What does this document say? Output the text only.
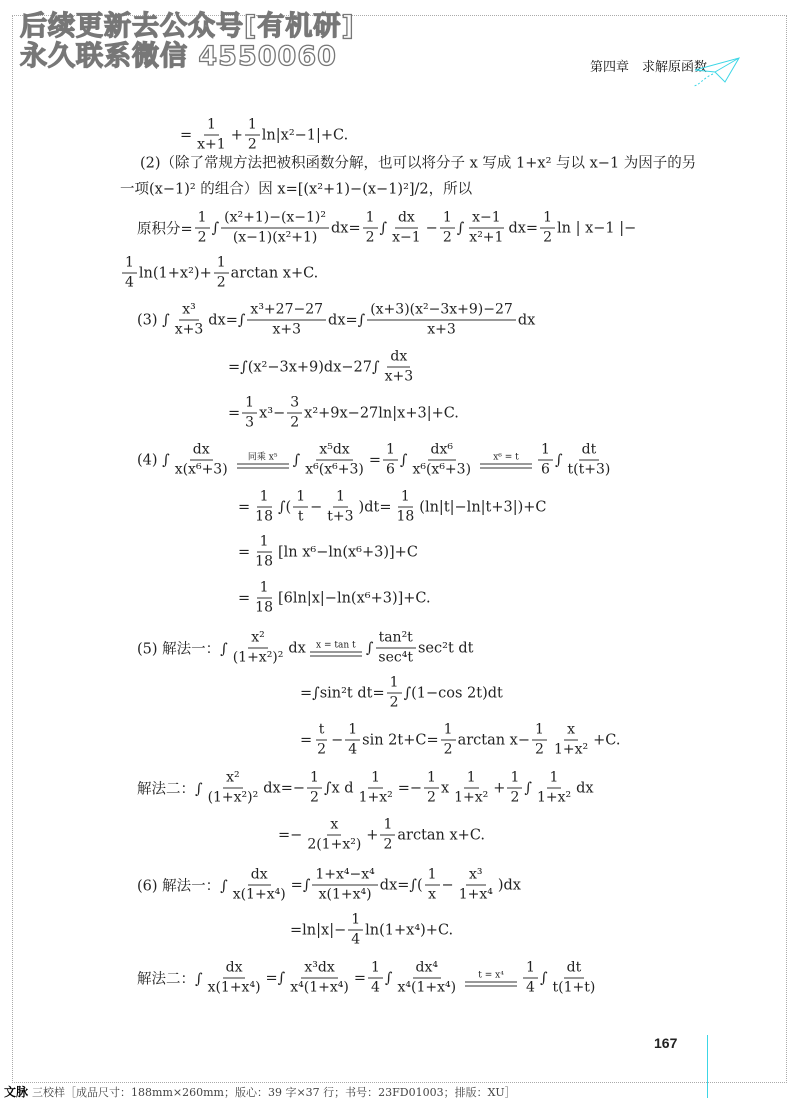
后续更新去公众号[有机研]
永久联系微信 4550060	第四章　求解原函数
= $\frac{1}{x+1} + \frac{1}{2} \ln|x^2-1|+C$.
(2)（除了常规方法把被积函数分解，也可以将分子 x 写成 1+x² 与以 x−1 为因子的另
一项(x−1)² 的组合）因 x=[(x²+1)−(x−1)²]/2，所以
原积分= $\frac{1}{2}$ ∫ $\frac{\text{(x²+1)−(x−1)²}}{\text{(x−1)(x²+1)}} dx= \frac{1}{2}$ ∫ $\frac{dx}{x-1} - \frac{1}{2}$ ∫ $\frac{x-1}{\text{x²+1}} dx= \frac{1}{2}$ ln | x−1 |−
$\frac{1}{4} \ln(1+x^2)+ \frac{1}{2}$ arctan x+C.
(3) ∫ $\frac{\text{x³}}{x+3} dx=\int \frac{\text{x³+27−27}}{x+3} dx=\int \frac{\text{(x+3)(x²−3x+9)−27}}{x+3}$ dx
$=\int(x^2-3x+9)dx-27\int \frac{dx}{x+3}$
= $\frac{1}{3} x^3- \frac{3}{2} x^2+9x-27\ln|x+3|+C$.
(4) ∫ $\frac{dx}{\text{x(x⁶+3)}}$ 同乘 x⁵ ∫ $\frac{\text{x⁵dx}}{\text{x⁶(x⁶+3)}} = \frac{1}{6}$ ∫ $\frac{\text{dx⁶}}{\text{x⁶(x⁶+3)}} x^6 = t \frac{1}{6}$ ∫ $\frac{dt}{t(t+3)}$
= $\frac{1}{18}$ ∫( $\frac{1}{t} - \frac{1}{t+3} )dt= \frac{1}{18} (\ln|t|-\ln|t+3|)+C$
= $\frac{1}{18} [\ln$ x⁶−ln(x⁶+3)]+C
= $\frac{1}{18} [6\ln|x|-\ln(x^6+3)]+C$.
(5) 解法一：∫ $\frac{\text{x²}}{\text{(1+x²)²}}$ dx x = tan t ∫ $\frac{\text{tan²t}}{\text{sec⁴t}} \sec^2t$ dt
=∫sin²t $dt= \frac{1}{2} \int(1-\cos$ 2t)dt
= $\frac{t}{2} - \frac{1}{4}$ $\sin 2t+C= \frac{1}{2}$ $\arctan x- \frac{1}{2} \frac{x}{\text{1+x²}} +C$.
解法二：∫ $\frac{\text{x²}}{\text{(1+x²)²}} dx=- \frac{1}{2} \int x$ d $\frac{1}{\text{1+x²}} =- \frac{1}{2}$ x $\frac{1}{\text{1+x²}} + \frac{1}{2}$ ∫ $\frac{1}{\text{1+x²}}$ dx
=− $\frac{x}{\text{2(1+x²)}} + \frac{1}{2}$ arctan x+C.
(6) 解法一：∫ $\frac{dx}{\text{x(1+x⁴)}}$ =∫ $\frac{\text{1+x⁴−x⁴}}{\text{x(1+x⁴)}} dx=\int( \frac{1}{x} - \frac{\text{x³}}{\text{1+x⁴}} )dx$
$=\ln|x|- \frac{1}{4} \ln(1+x^4)+C$.
解法二：∫ $\frac{dx}{\text{x(1+x⁴)}}$ =∫ $\frac{\text{x³dx}}{\text{x⁴(1+x⁴)}} = \frac{1}{4}$ ∫ $\frac{\text{dx⁴}}{\text{x⁴(1+x⁴)}}$ $t = x^4 \frac{1}{4}$ ∫ $\frac{dt}{t(1+t)}$
167
文脉 三校样［成品尺寸：188mm×260mm；版心：39 字×37 行；书号：23FD01003；排版：XU］
